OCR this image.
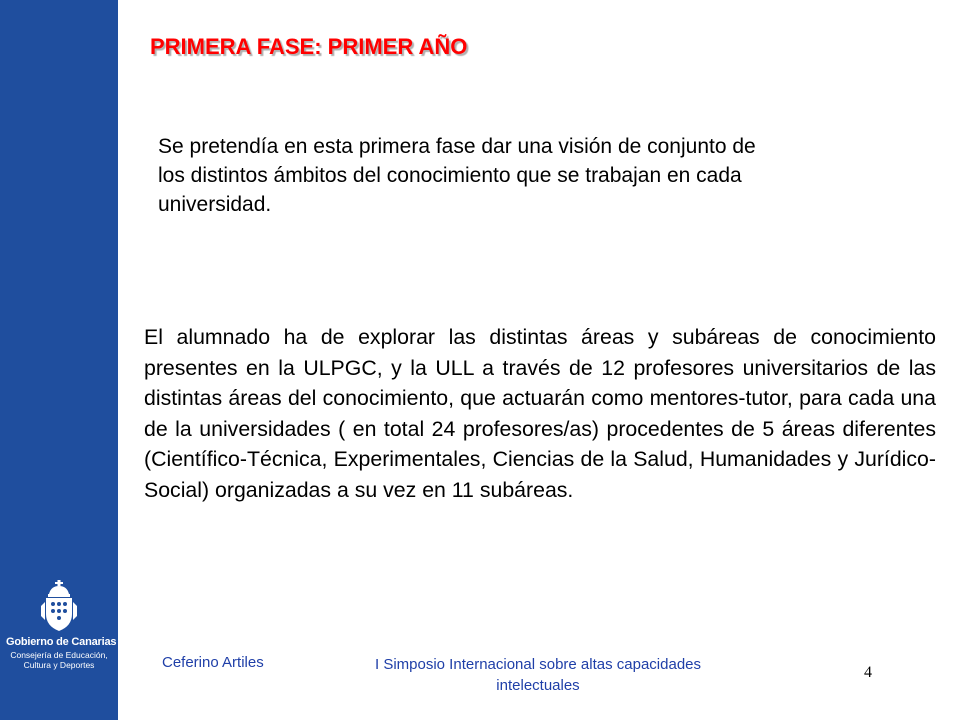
Gobierno de Canarias
Consejería de Educación, Cultura y Deportes
PRIMERA FASE: PRIMER AÑO
Se pretendía en esta primera fase dar una visión de conjunto de los distintos ámbitos del conocimiento que se trabajan en cada universidad.
El alumnado ha de explorar las distintas áreas y subáreas de conocimiento presentes en la ULPGC, y la ULL a través de 12 profesores universitarios de las distintas áreas del conocimiento, que actuarán como mentores-tutor, para cada una de la universidades ( en total 24 profesores/as) procedentes de 5 áreas diferentes (Científico-Técnica, Experimentales, Ciencias de la Salud, Humanidades y Jurídico-Social) organizadas a su vez en 11 subáreas.
Ceferino Artiles	I Simposio Internacional sobre altas capacidades intelectuales
4
